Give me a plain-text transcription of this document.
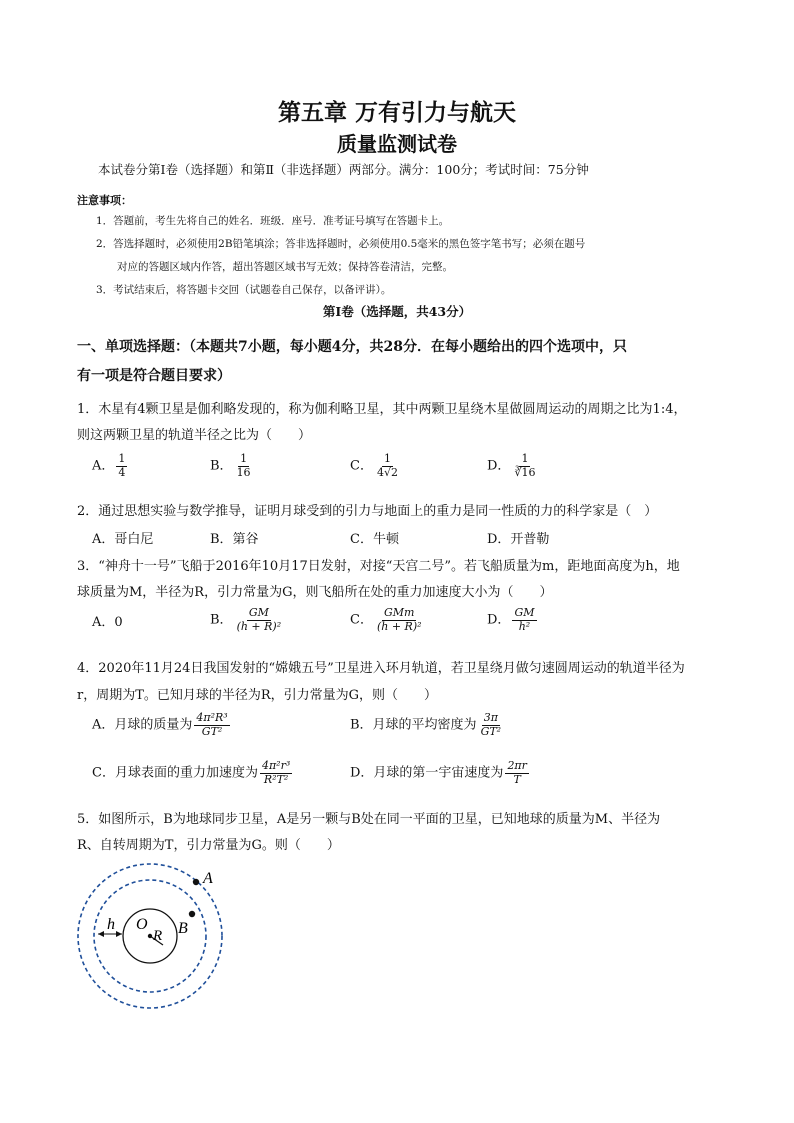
第五章 万有引力与航天
质量监测试卷
本试卷分第Ⅰ卷（选择题）和第Ⅱ（非选择题）两部分。满分：100分；考试时间：75分钟
注意事项：
1．答题前，考生先将自己的姓名．班级．座号．准考证号填写在答题卡上。
2．答选择题时，必须使用2B铅笔填涂；答非选择题时，必须使用0.5毫米的黑色签字笔书写；必须在题号
对应的答题区域内作答，超出答题区域书写无效；保持答卷清洁，完整。
3．考试结束后，将答题卡交回（试题卷自己保存，以备评讲）。
第Ⅰ卷（选择题，共43分）
一、单项选择题：（本题共7小题，每小题4分，共28分．在每小题给出的四个选项中，只
有一项是符合题目要求）
1．木星有4颗卫星是伽利略发现的，称为伽利略卫星，其中两颗卫星绕木星做圆周运动的周期之比为1:4，
则这两颗卫星的轨道半径之比为（　　）
A． $\frac{1}{4}$	B． $\frac{1}{16}$	C． $\frac{1}{4√2}$	D． $\frac{1}{∛16}$
2．通过思想实验与数学推导，证明月球受到的引力与地面上的重力是同一性质的力的科学家是（　）
A．哥白尼	B．第谷	C．牛顿	D．开普勒
3．“神舟十一号”飞船于2016年10月17日发射，对接“天宫二号”。若飞船质量为m，距地面高度为h，地
球质量为M，半径为R，引力常量为G，则飞船所在处的重力加速度大小为（　　）
A．0	B． $\frac{GM}{\text{(h + R)²}}$	C． $\frac{\text{GMm}}{\text{(h + R)²}}$	D． $\frac{GM}{\text{h²}}$
4．2020年11月24日我国发射的“嫦娥五号”卫星进入环月轨道，若卫星绕月做匀速圆周运动的轨道半径为
r，周期为T。已知月球的半径为R，引力常量为G，则（　　）
A．月球的质量为 $\frac{\text{4π²R³}}{\text{GT²}}$	B．月球的平均密度为 $\frac{3\pi}{\text{GT²}}$
C．月球表面的重力加速度为 $\frac{\text{4π²r³}}{\text{R²T²}}$	D．月球的第一宇宙速度为 $\frac{2\pi r}{T}$
5．如图所示，B为地球同步卫星，A是另一颗与B处在同一平面的卫星，已知地球的质量为M、半径为
R、自转周期为T，引力常量为G。则（　　）
A
B
O
R
h
